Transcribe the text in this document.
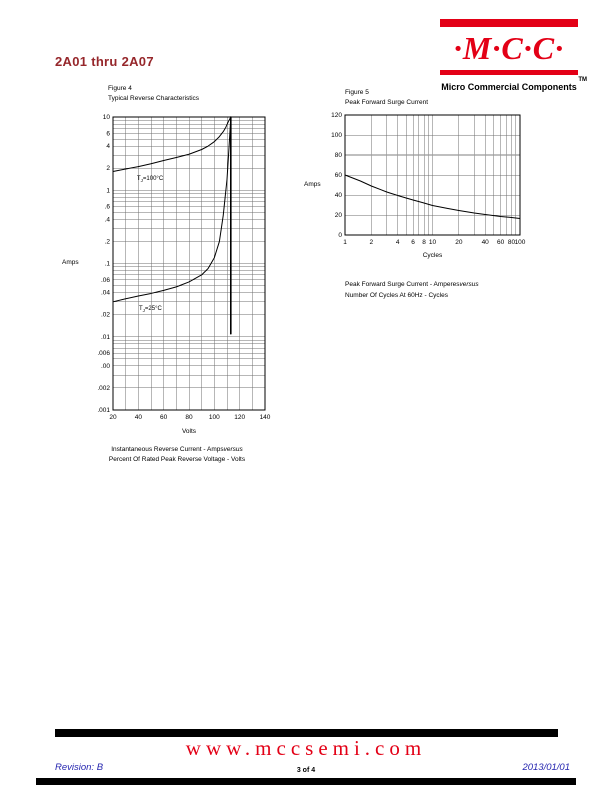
2A01 thru 2A07	·M·C·C·
TM
Micro Commercial Components
Figure 4
Typical Reverse Characteristics
20	40	60	80	100 120 140
10
6
4
2
1
.6
.4
.2
.1
.06
.04
.02
.01
.006
.00
.002
.001
Amps
Volts
$T_J=100^\circ C$
$T_J=25^\circ C$
Instantaneous Reverse Current - Ampsversus
Percent Of Rated Peak Reverse Voltage - Volts
Figure 5
Peak Forward Surge Current
1	2	4 6 8 10	20	40 60 80 100
0
20
40
60
80
100
120
Amps
Cycles
Peak Forward Surge Current - Amperesversus
Number Of Cycles At 60Hz - Cycles
www.mccsemi.com
Revision: B	3 of 4	2013/01/01
